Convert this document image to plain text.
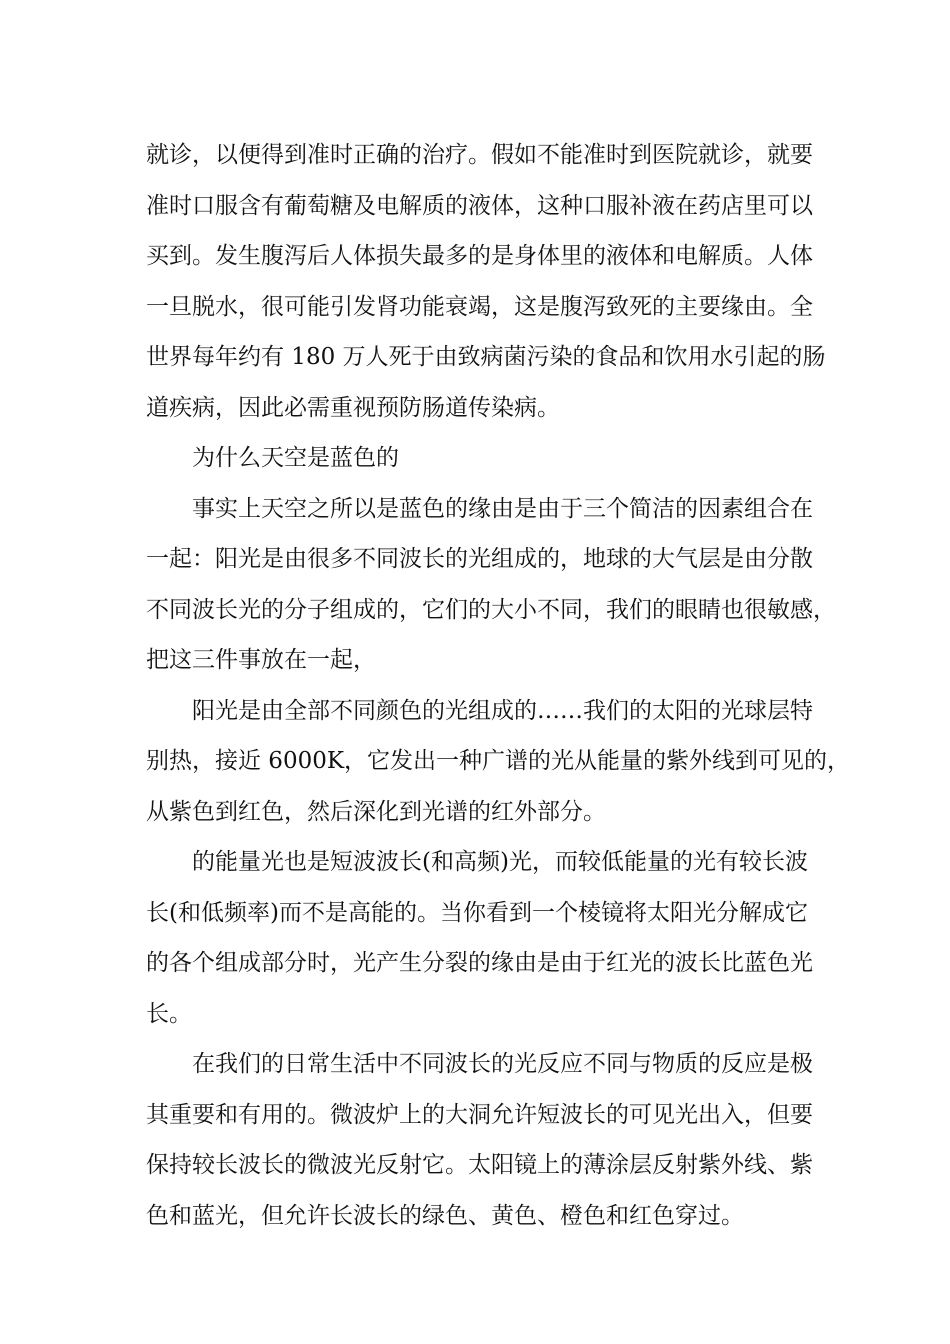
就诊，以便得到准时正确的治疗。假如不能准时到医院就诊，就要
准时口服含有葡萄糖及电解质的液体，这种口服补液在药店里可以
买到。发生腹泻后人体损失最多的是身体里的液体和电解质。人体
一旦脱水，很可能引发肾功能衰竭，这是腹泻致死的主要缘由。全
世界每年约有 180 万人死于由致病菌污染的食品和饮用水引起的肠
道疾病，因此必需重视预防肠道传染病。

为什么天空是蓝色的

事实上天空之所以是蓝色的缘由是由于三个简洁的因素组合在
一起：阳光是由很多不同波长的光组成的，地球的大气层是由分散
不同波长光的分子组成的，它们的大小不同，我们的眼睛也很敏感，
把这三件事放在一起，

阳光是由全部不同颜色的光组成的……我们的太阳的光球层特
别热，接近 6000K，它发出一种广谱的光从能量的紫外线到可见的，
从紫色到红色，然后深化到光谱的红外部分。

的能量光也是短波波长(和高频)光，而较低能量的光有较长波
长(和低频率)而不是高能的。当你看到一个棱镜将太阳光分解成它
的各个组成部分时，光产生分裂的缘由是由于红光的波长比蓝色光
长。

在我们的日常生活中不同波长的光反应不同与物质的反应是极
其重要和有用的。微波炉上的大洞允许短波长的可见光出入，但要
保持较长波长的微波光反射它。太阳镜上的薄涂层反射紫外线、紫
色和蓝光，但允许长波长的绿色、黄色、橙色和红色穿过。
